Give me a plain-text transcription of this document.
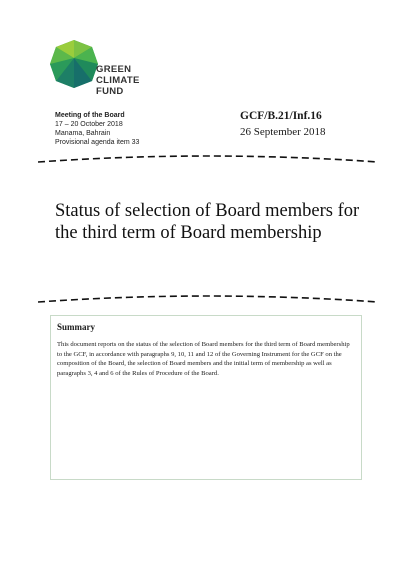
GREEN
CLIMATE
FUND
Meeting of the Board
17 – 20 October 2018
Manama, Bahrain
Provisional agenda item 33
GCF/B.21/Inf.16
26 September 2018
Status of selection of Board members for the third term of Board membership
Summary
This document reports on the status of the selection of Board members for the third term of Board membership to the GCF, in accordance with paragraphs 9, 10, 11 and 12 of the Governing Instrument for the GCF on the composition of the Board, the selection of Board members and the initial term of membership as well as paragraphs 3, 4 and 6 of the Rules of Procedure of the Board.
